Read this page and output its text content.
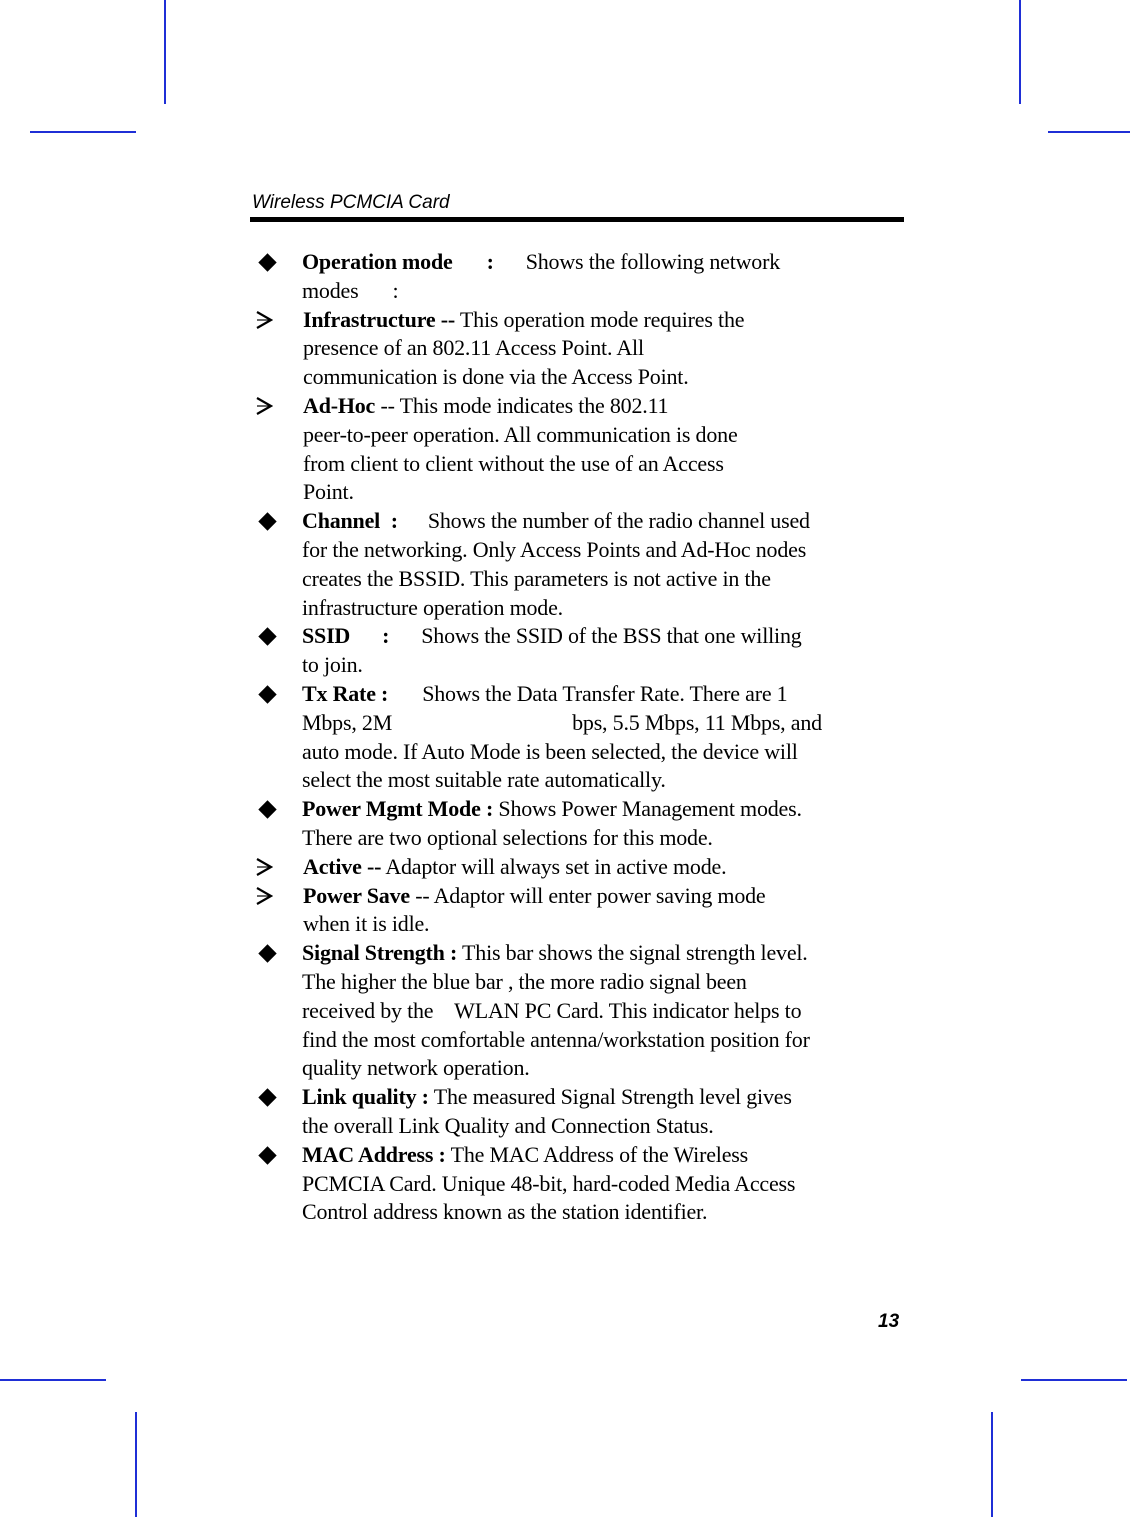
Wireless PCMCIA Card
Operation mode : Shows the following network
modes :
Infrastructure -- This operation mode requires the
presence of an 802.11 Access Point. All
communication is done via the Access Point.
Ad-Hoc -- This mode indicates the 802.11
peer-to-peer operation. All communication is done
from client to client without the use of an Access
Point.
Channel : Shows the number of the radio channel used
for the networking. Only Access Points and Ad-Hoc nodes
creates the BSSID. This parameters is not active in the
infrastructure operation mode.
SSID : Shows the SSID of the BSS that one willing
to join.
Tx Rate : Shows the Data Transfer Rate. There are 1
Mbps, 2M	bps, 5.5 Mbps, 11 Mbps, and
auto mode. If Auto Mode is been selected, the device will
select the most suitable rate automatically.
Power Mgmt Mode : Shows Power Management modes.
There are two optional selections for this mode.
Active -- Adaptor will always set in active mode.
Power Save -- Adaptor will enter power saving mode
when it is idle.
Signal Strength : This bar shows the signal strength level.
The higher the blue bar , the more radio signal been
received by the    WLAN PC Card. This indicator helps to
find the most comfortable antenna/workstation position for
quality network operation.
Link quality : The measured Signal Strength level gives
the overall Link Quality and Connection Status.
MAC Address : The MAC Address of the Wireless
PCMCIA Card. Unique 48-bit, hard-coded Media Access
Control address known as the station identifier.
13
